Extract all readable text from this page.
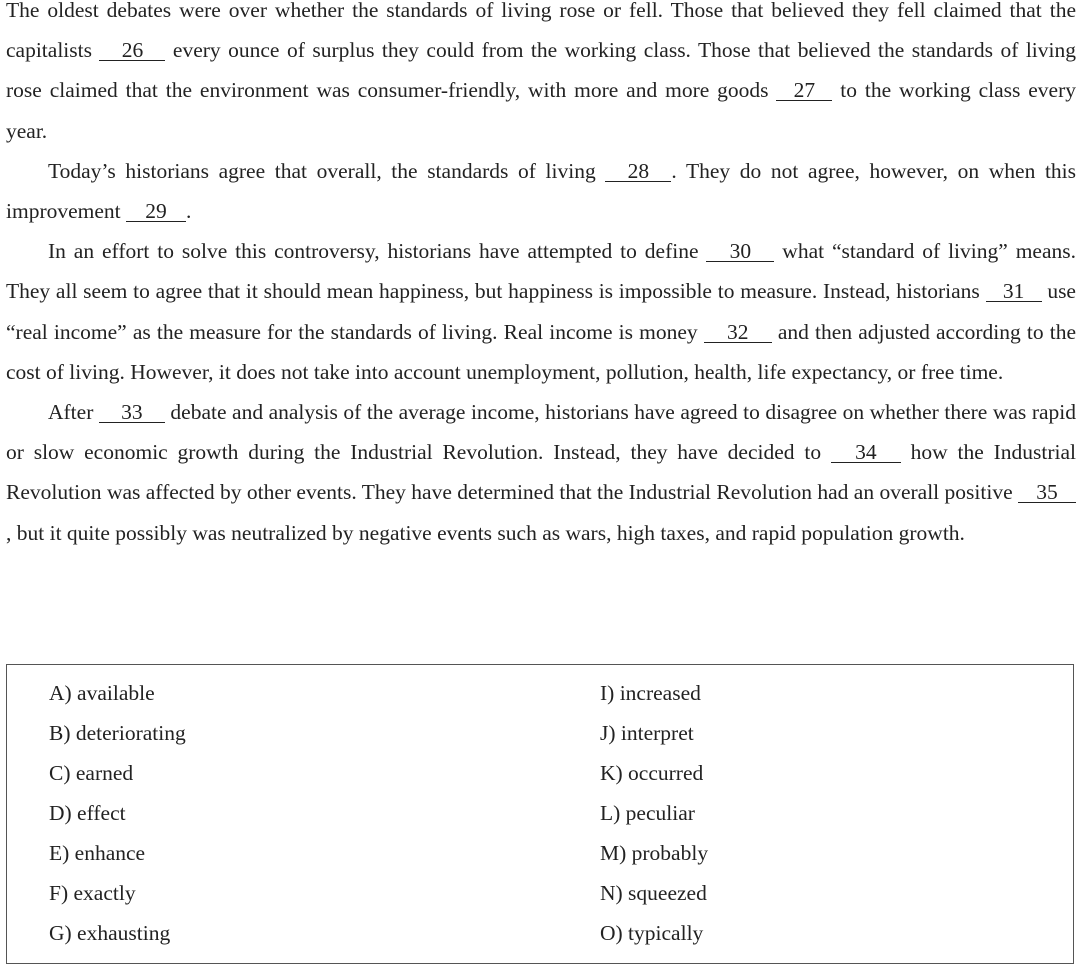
The oldest debates were over whether the standards of living rose or fell. Those that believed they fell claimed that the capitalists 26 every ounce of surplus they could from the working class. Those that believed the standards of living rose claimed that the environment was consumer-friendly, with more and more goods 27 to the working class every year.

Today’s historians agree that overall, the standards of living 28 . They do not agree, however, on when this improvement 29 .

In an effort to solve this controversy, historians have attempted to define 30 what “standard of living” means. They all seem to agree that it should mean happiness, but happiness is impossible to measure. Instead, historians 31 use “real income” as the measure for the standards of living. Real income is money 32 and then adjusted according to the cost of living. However, it does not take into account unemployment, pollution, health, life expectancy, or free time.

After 33 debate and analysis of the average income, historians have agreed to disagree on whether there was rapid or slow economic growth during the Industrial Revolution. Instead, they have decided to 34 how the Industrial Revolution was affected by other events. They have determined that the Industrial Revolution had an overall positive 35, but it quite possibly was neutralized by negative events such as wars, high taxes, and rapid population growth.

A) available
B) deteriorating
C) earned
D) effect
E) enhance
F) exactly
G) exhausting
I) increased
J) interpret
K) occurred
L) peculiar
M) probably
N) squeezed
O) typically
